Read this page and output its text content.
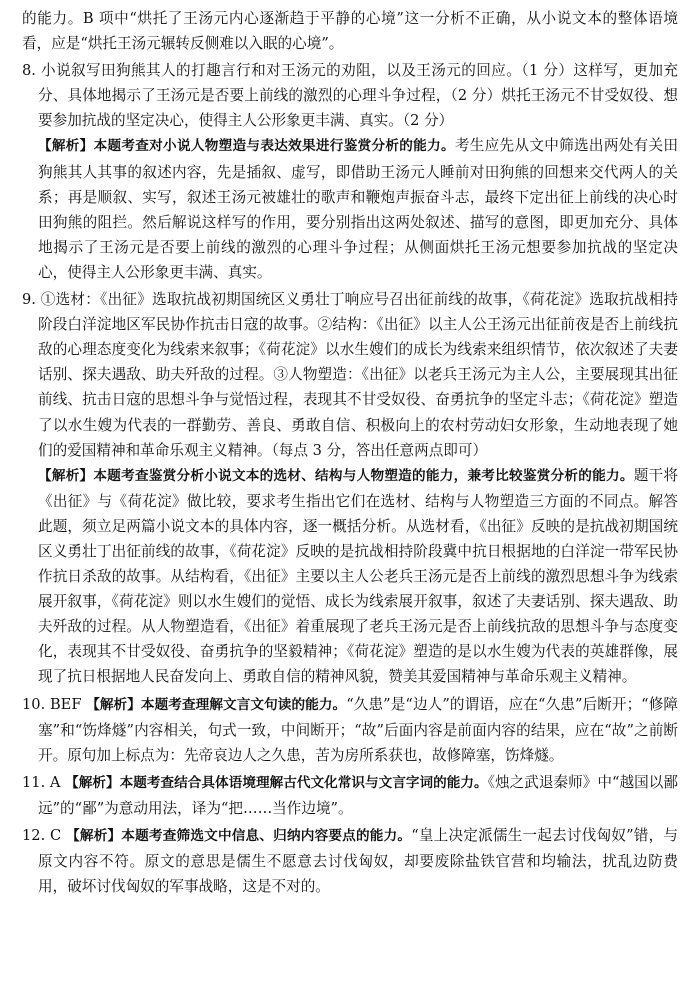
的能力。B 项中“烘托了王汤元内心逐渐趋于平静的心境”这一分析不正确，从小说文本的整体语境看，应是“烘托王汤元辗转反侧难以入眠的心境”。

8. 小说叙写田狗熊其人的打趣言行和对王汤元的劝阻，以及王汤元的回应。（1 分）这样写，更加充分、具体地揭示了王汤元是否要上前线的激烈的心理斗争过程，（2 分）烘托王汤元不甘受奴役、想要参加抗战的坚定决心，使得主人公形象更丰满、真实。（2 分）

【解析】本题考查对小说人物塑造与表达效果进行鉴赏分析的能力。考生应先从文中筛选出两处有关田狗熊其人其事的叙述内容，先是插叙、虚写，即借助王汤元人睡前对田狗熊的回想来交代两人的关系；再是顺叙、实写，叙述王汤元被雄壮的歌声和鞭炮声振奋斗志，最终下定出征上前线的决心时田狗熊的阻拦。然后解说这样写的作用，要分别指出这两处叙述、描写的意图，即更加充分、具体地揭示了王汤元是否要上前线的激烈的心理斗争过程；从侧面烘托王汤元想要参加抗战的坚定决心，使得主人公形象更丰满、真实。

9. ①选材：《出征》选取抗战初期国统区义勇壮丁响应号召出征前线的故事，《荷花淀》选取抗战相持阶段白洋淀地区军民协作抗击日寇的故事。②结构：《出征》以主人公王汤元出征前夜是否上前线抗敌的心理态度变化为线索来叙事；《荷花淀》以水生嫂们的成长为线索来组织情节，依次叙述了夫妻话别、探夫遇敌、助夫歼敌的过程。③人物塑造：《出征》以老兵王汤元为主人公，主要展现其出征前线、抗击日寇的思想斗争与觉悟过程，表现其不甘受奴役、奋勇抗争的坚定斗志；《荷花淀》塑造了以水生嫂为代表的一群勤劳、善良、勇敢自信、积极向上的农村劳动妇女形象，生动地表现了她们的爱国精神和革命乐观主义精神。（每点 3 分，答出任意两点即可）

【解析】本题考查鉴赏分析小说文本的选材、结构与人物塑造的能力，兼考比较鉴赏分析的能力。题干将《出征》与《荷花淀》做比较，要求考生指出它们在选材、结构与人物塑造三方面的不同点。解答此题，须立足两篇小说文本的具体内容，逐一概括分析。从选材看，《出征》反映的是抗战初期国统区义勇壮丁出征前线的故事，《荷花淀》反映的是抗战相持阶段冀中抗日根据地的白洋淀一带军民协作抗日杀敌的故事。从结构看，《出征》主要以主人公老兵王汤元是否上前线的激烈思想斗争为线索展开叙事，《荷花淀》则以水生嫂们的觉悟、成长为线索展开叙事，叙述了夫妻话别、探夫遇敌、助夫歼敌的过程。从人物塑造看，《出征》着重展现了老兵王汤元是否上前线抗敌的思想斗争与态度变化，表现其不甘受奴役、奋勇抗争的坚毅精神；《荷花淀》塑造的是以水生嫂为代表的英雄群像，展现了抗日根据地人民奋发向上、勇敢自信的精神风貌，赞美其爱国精神与革命乐观主义精神。

10. BEF 【解析】本题考查理解文言文句读的能力。“久患”是“边人”的谓语，应在“久患”后断开；“修障塞”和“饬烽燧”内容相关，句式一致，中间断开；“故”后面内容是前面内容的结果，应在“故”之前断开。原句加上标点为：先帝哀边人之久患，苦为房所系获也，故修障塞，饬烽燧。

11. A 【解析】本题考查结合具体语境理解古代文化常识与文言字词的能力。《烛之武退秦师》中“越国以鄙远”的“鄙”为意动用法，译为“把……当作边境”。

12. C 【解析】本题考查筛选文中信息、归纳内容要点的能力。“皇上决定派儒生一起去讨伐匈奴”错，与原文内容不符。原文的意思是儒生不愿意去讨伐匈奴，却要废除盐铁官营和均输法，扰乱边防费用，破坏讨伐匈奴的军事战略，这是不对的。
